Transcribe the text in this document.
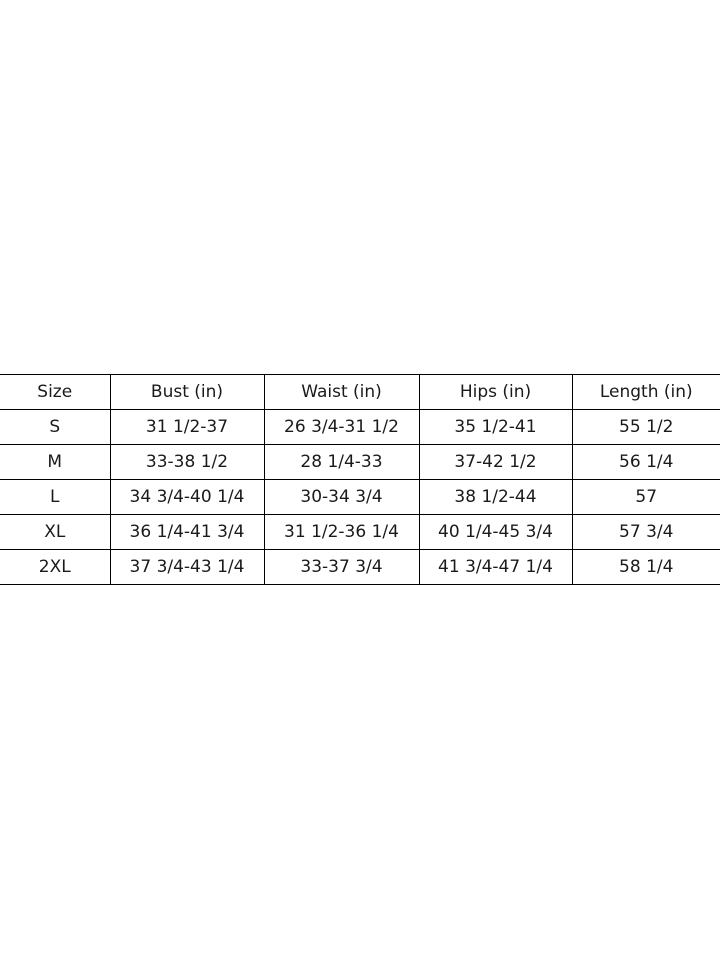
Size	Bust (in)	Waist (in)	Hips (in)	Length (in)
S	31 1/2-37	26 3/4-31 1/2	35 1/2-41	55 1/2
M	33-38 1/2	28 1/4-33	37-42 1/2	56 1/4
L	34 3/4-40 1/4	30-34 3/4	38 1/2-44	57
XL	36 1/4-41 3/4	31 1/2-36 1/4	40 1/4-45 3/4	57 3/4
2XL	37 3/4-43 1/4	33-37 3/4	41 3/4-47 1/4	58 1/4
